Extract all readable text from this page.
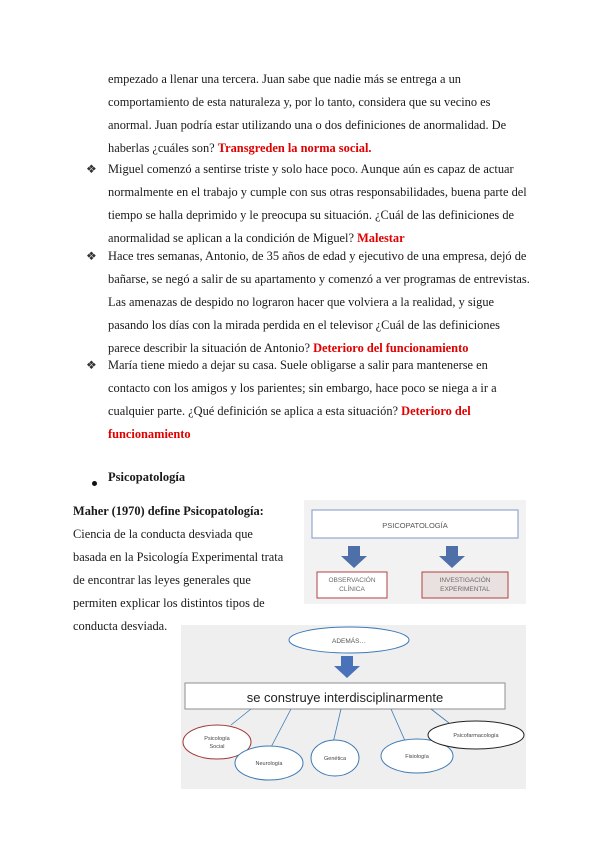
empezado a llenar una tercera. Juan sabe que nadie más se entrega a un comportamiento de esta naturaleza y, por lo tanto, considera que su vecino es anormal. Juan podría estar utilizando una o dos definiciones de anormalidad. De haberlas ¿cuáles son? Transgreden la norma social.

❖ Miguel comenzó a sentirse triste y solo hace poco. Aunque aún es capaz de actuar normalmente en el trabajo y cumple con sus otras responsabilidades, buena parte del tiempo se halla deprimido y le preocupa su situación. ¿Cuál de las definiciones de anormalidad se aplican a la condición de Miguel? Malestar

❖ Hace tres semanas, Antonio, de 35 años de edad y ejecutivo de una empresa, dejó de bañarse, se negó a salir de su apartamento y comenzó a ver programas de entrevistas. Las amenazas de despido no lograron hacer que volviera a la realidad, y sigue pasando los días con la mirada perdida en el televisor ¿Cuál de las definiciones parece describir la situación de Antonio? Deterioro del funcionamiento

❖ María tiene miedo a dejar su casa. Suele obligarse a salir para mantenerse en contacto con los amigos y los parientes; sin embargo, hace poco se niega a ir a cualquier parte. ¿Qué definición se aplica a esta situación? Deterioro del funcionamiento

Psicopatología
Maher (1970) define Psicopatología:
Ciencia de la conducta desviada que basada en la Psicología Experimental trata de encontrar las leyes generales que permiten explicar los distintos tipos de conducta desviada.
PSICOPATOLOGÍA
OBSERVACIÓN
CLÍNICA
INVESTIGACIÓN
EXPERIMENTAL
ADEMÁS…
se construye interdisciplinarmente
Psicología
Social
Neurología
Genética	Fisiología
Psicofarmacología
